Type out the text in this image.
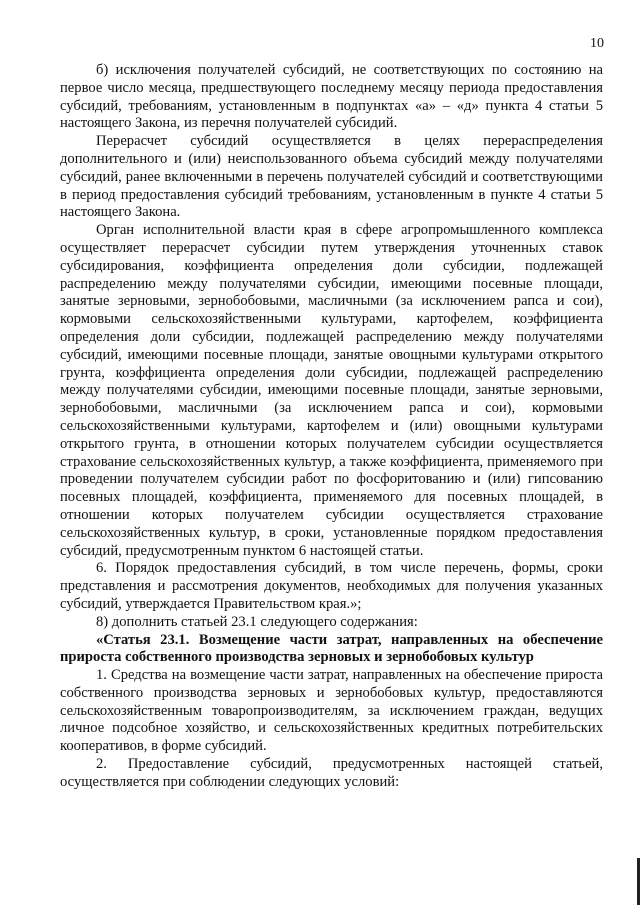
10

б) исключения получателей субсидий, не соответствующих по состоянию на первое число месяца, предшествующего последнему месяцу периода предоставления субсидий, требованиям, установленным в подпунктах «а» – «д» пункта 4 статьи 5 настоящего Закона, из перечня получателей субсидий.

Перерасчет субсидий осуществляется в целях перераспределения дополнительного и (или) неиспользованного объема субсидий между получателями субсидий, ранее включенными в перечень получателей субсидий и соответствующими в период предоставления субсидий требованиям, установленным в пункте 4 статьи 5 настоящего Закона.

Орган исполнительной власти края в сфере агропромышленного комплекса осуществляет перерасчет субсидии путем утверждения уточненных ставок субсидирования, коэффициента определения доли субсидии, подлежащей распределению между получателями субсидии, имеющими посевные площади, занятые зерновыми, зернобобовыми, масличными (за исключением рапса и сои), кормовыми сельскохозяйственными культурами, картофелем, коэффициента определения доли субсидии, подлежащей распределению между получателями субсидий, имеющими посевные площади, занятые овощными культурами открытого грунта, коэффициента определения доли субсидии, подлежащей распределению между получателями субсидии, имеющими посевные площади, занятые зерновыми, зернобобовыми, масличными (за исключением рапса и сои), кормовыми сельскохозяйственными культурами, картофелем и (или) овощными культурами открытого грунта, в отношении которых получателем субсидии осуществляется страхование сельскохозяйственных культур, а также коэффициента, применяемого при проведении получателем субсидии работ по фосфоритованию и (или) гипсованию посевных площадей, коэффициента, применяемого для посевных площадей, в отношении которых получателем субсидии осуществляется страхование сельскохозяйственных культур, в сроки, установленные порядком предоставления субсидий, предусмотренным пунктом 6 настоящей статьи.

6. Порядок предоставления субсидий, в том числе перечень, формы, сроки представления и рассмотрения документов, необходимых для получения указанных субсидий, утверждается Правительством края.»;

8) дополнить статьей 23.1 следующего содержания:

«Статья 23.1. Возмещение части затрат, направленных на обеспечение прироста собственного производства зерновых и зернобобовых культур

1. Средства на возмещение части затрат, направленных на обеспечение прироста собственного производства зерновых и зернобобовых культур, предоставляются сельскохозяйственным товаропроизводителям, за исключением граждан, ведущих личное подсобное хозяйство, и сельскохозяйственных кредитных потребительских кооперативов, в форме субсидий.

2. Предоставление субсидий, предусмотренных настоящей статьей, осуществляется при соблюдении следующих условий:
